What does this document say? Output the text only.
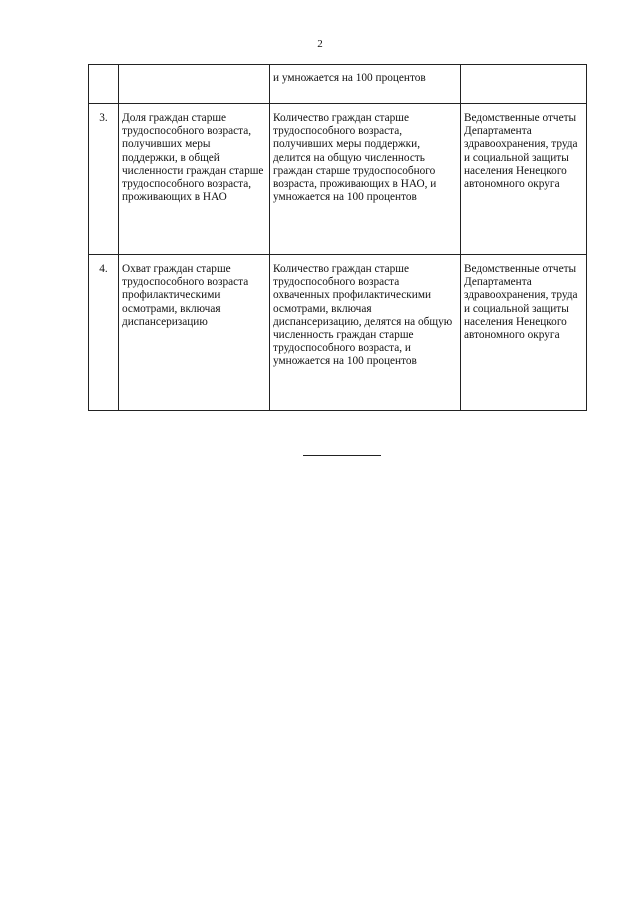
2
		и умножается на 100 процентов	
3.	Доля граждан старше трудоспособного возраста, получивших меры поддержки, в общей численности граждан старше трудоспособного возраста, проживающих в НАО	Количество граждан старше трудоспособного возраста, получивших меры поддержки, делится на общую численность граждан старше трудоспособного возраста, проживающих в НАО, и умножается на 100 процентов	Ведомственные отчеты Департамента здравоохранения, труда и социальной защиты населения Ненецкого автономного округа
4.	Охват граждан старше трудоспособного возраста профилактическими осмотрами, включая диспансеризацию	Количество граждан старше трудоспособного возраста охваченных профилактическими осмотрами, включая диспансеризацию, делятся на общую численность граждан старше трудоспособного возраста, и умножается на 100 процентов	Ведомственные отчеты Департамента здравоохранения, труда и социальной защиты населения Ненецкого автономного округа
